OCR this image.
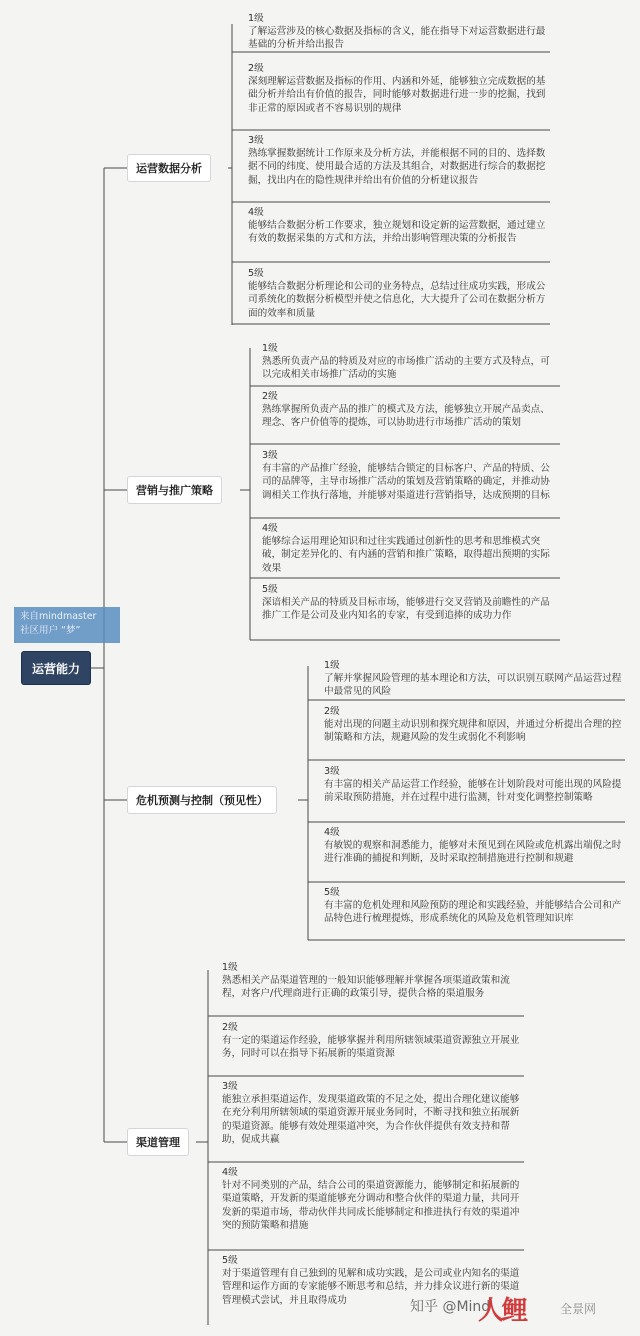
来自mindmaster
社区用户 “梦”
运营能力
运营数据分析
营销与推广策略
危机预测与控制（预见性）
渠道管理
1级
了解运营涉及的核心数据及指标的含义，能在指导下对运营数据进行最基础的分析并给出报告
2级
深刻理解运营数据及指标的作用、内涵和外延，能够独立完成数据的基础分析并给出有价值的报告，同时能够对数据进行进一步的挖掘，找到非正常的原因或者不容易识别的规律
3级
熟练掌握数据统计工作原来及分析方法，并能根据不同的目的、选择数据不同的纬度、使用最合适的方法及其组合，对数据进行综合的数据挖掘，找出内在的隐性规律并给出有价值的分析建议报告
4级
能够结合数据分析工作要求，独立规划和设定新的运营数据，通过建立有效的数据采集的方式和方法，并给出影响管理决策的分析报告
5级
能够结合数据分析理论和公司的业务特点，总结过往成功实践，形成公司系统化的数据分析模型并使之信息化，大大提升了公司在数据分析方面的效率和质量
1级
熟悉所负责产品的特质及对应的市场推广活动的主要方式及特点，可以完成相关市场推广活动的实施
2级
熟练掌握所负责产品的推广的模式及方法，能够独立开展产品卖点、理念、客户价值等的提炼，可以协助进行市场推广活动的策划
3级
有丰富的产品推广经验，能够结合锁定的目标客户、产品的特质、公司的品牌等，主导市场推广活动的策划及营销策略的确定，并推动协调相关工作执行落地，并能够对渠道进行营销指导，达成预期的目标
4级
能够综合运用理论知识和过往实践通过创新性的思考和思维模式突破，制定差异化的、有内涵的营销和推广策略，取得超出预期的实际效果
5级
深谙相关产品的特质及目标市场，能够进行交叉营销及前瞻性的产品推广工作是公司及业内知名的专家，有受到追捧的成功力作
1级
了解并掌握风险管理的基本理论和方法，可以识别互联网产品运营过程中最常见的风险
2级
能对出现的问题主动识别和探究规律和原因，并通过分析提出合理的控制策略和方法，规避风险的发生或弱化不利影响
3级
有丰富的相关产品运营工作经验，能够在计划阶段对可能出现的风险提前采取预防措施，并在过程中进行监测，针对变化调整控制策略
4级
有敏锐的观察和洞悉能力，能够对未预见到在风险或危机露出端倪之时进行准确的捕捉和判断，及时采取控制措施进行控制和规避
5级
有丰富的危机处理和风险预防的理论和实践经验，并能够结合公司和产品特色进行梳理提炼，形成系统化的风险及危机管理知识库
1级
熟悉相关产品渠道管理的一般知识能够理解并掌握各项渠道政策和流程，对客户/代理商进行正确的政策引导，提供合格的渠道服务
2级
有一定的渠道运作经验，能够掌握并利用所辖领域渠道资源独立开展业务，同时可以在指导下拓展新的渠道资源
3级
能独立承担渠道运作，发现渠道政策的不足之处，提出合理化建议能够在充分利用所辖领域的渠道资源开展业务同时，不断寻找和独立拓展新的渠道资源。能够有效处理渠道冲突，为合作伙伴提供有效支持和帮助，促成共赢
4级
针对不同类别的产品，结合公司的渠道资源能力，能够制定和拓展新的渠道策略，开发新的渠道能够充分调动和整合伙伴的渠道力量，共同开发新的渠道市场，带动伙伴共同成长能够制定和推进执行有效的渠道冲突的预防策略和措施
5级
对于渠道管理有自己独到的见解和成功实践，是公司或业内知名的渠道管理和运作方面的专家能够不断思考和总结，并力排众议进行新的渠道管理模式尝试，并且取得成功	知乎 @Mind
人鲤	全景网
